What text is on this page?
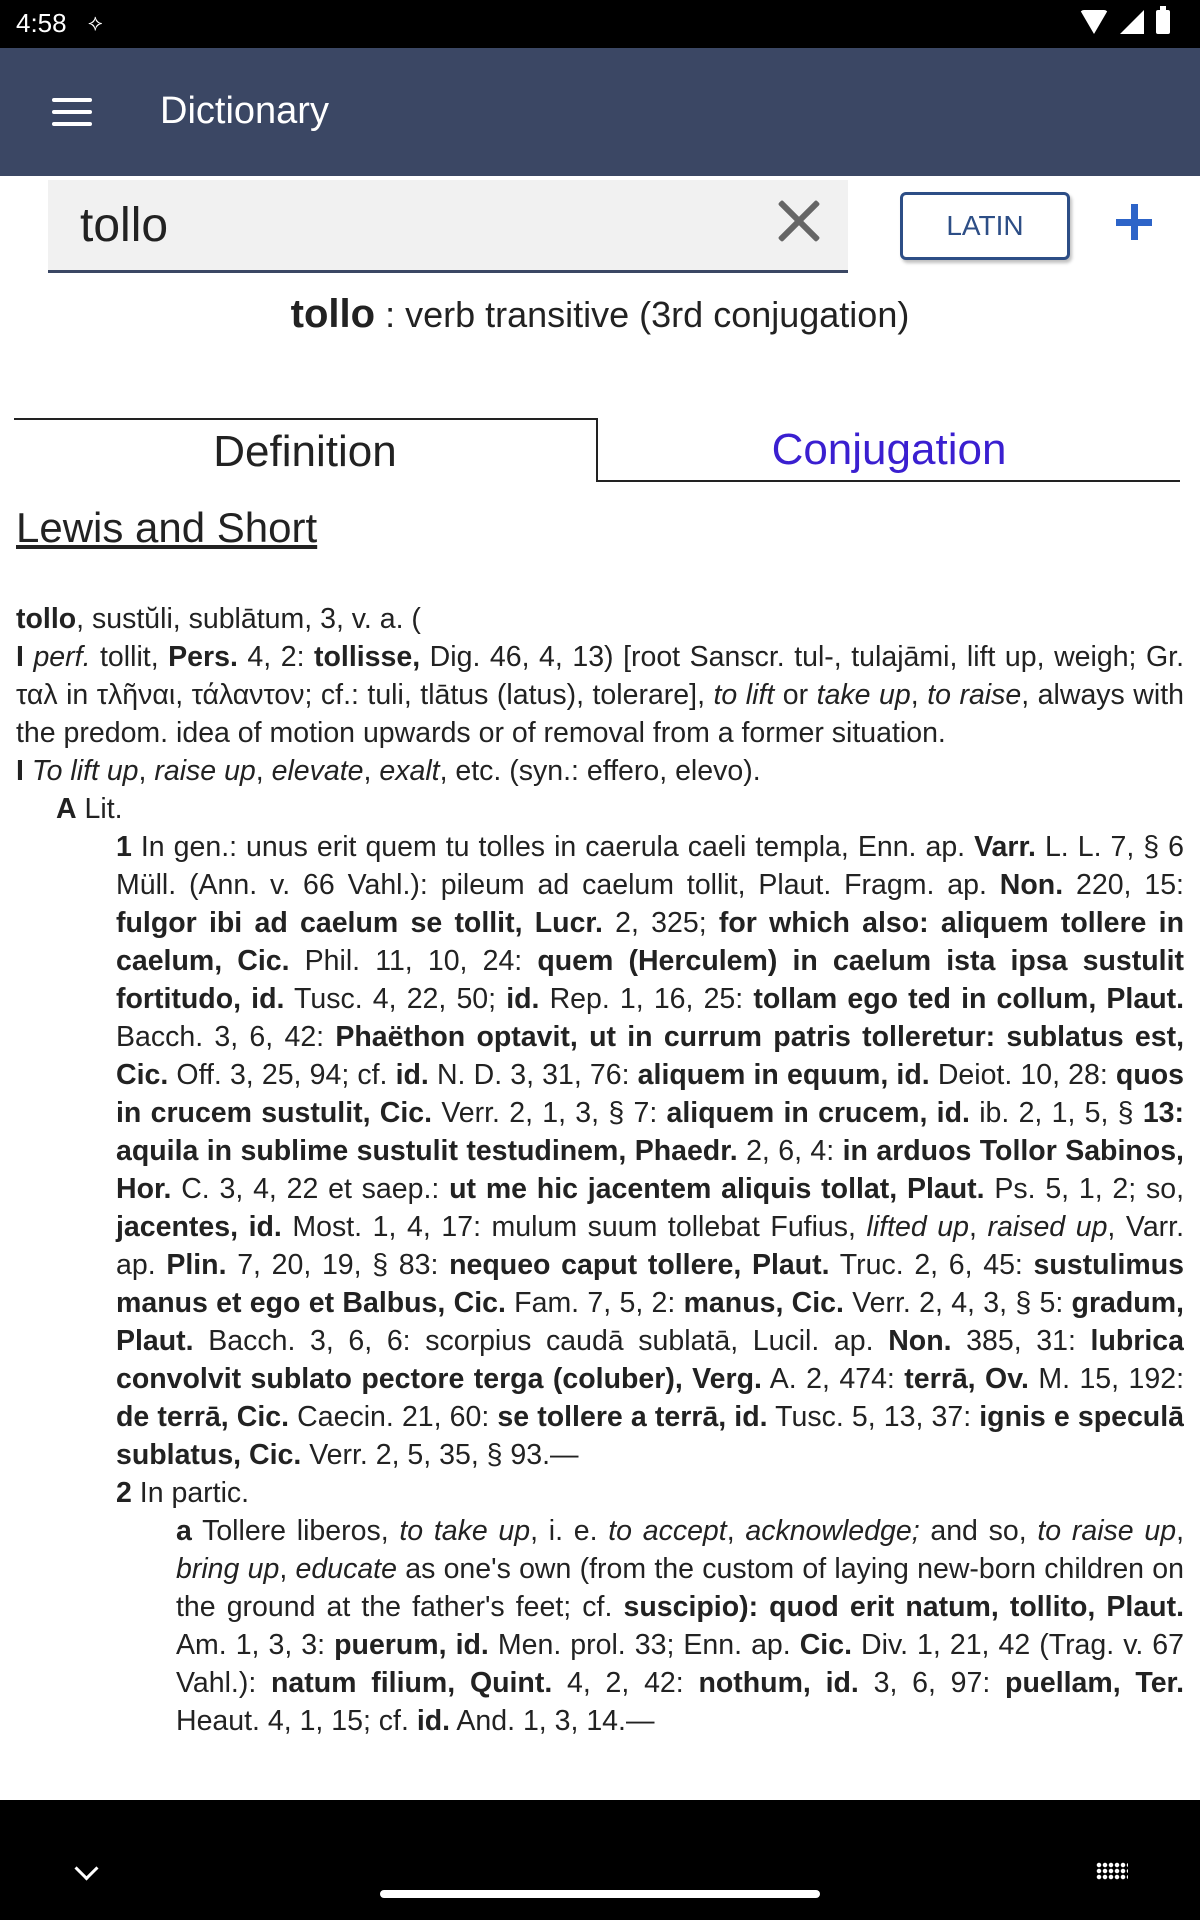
4:58 ⟡
Dictionary
tollo
LATIN
tollo : verb transitive (3rd conjugation)
Definition	Conjugation
Lewis and Short

tollo, sustŭli, sublātum, 3, v. a. (

I perf. tollit, Pers. 4, 2: tollisse, Dig. 46, 4, 13) [root Sanscr. tul-, tulajāmi, lift up, weigh; Gr. ταλ in τλῆναι, τάλαντον; cf.: tuli, tlātus (latus), tolerare], to lift or take up, to raise, always with the predom. idea of motion upwards or of removal from a former situation.

I To lift up, raise up, elevate, exalt, etc. (syn.: effero, elevo).

A Lit.

1 In gen.: unus erit quem tu tolles in caerula caeli templa, Enn. ap. Varr. L. L. 7, § 6 Müll. (Ann. v. 66 Vahl.): pileum ad caelum tollit, Plaut. Fragm. ap. Non. 220, 15: fulgor ibi ad caelum se tollit, Lucr. 2, 325; for which also: aliquem tollere in caelum, Cic. Phil. 11, 10, 24: quem (Herculem) in caelum ista ipsa sustulit fortitudo, id. Tusc. 4, 22, 50; id. Rep. 1, 16, 25: tollam ego ted in collum, Plaut. Bacch. 3, 6, 42: Phaëthon optavit, ut in currum patris tolleretur: sublatus est, Cic. Off. 3, 25, 94; cf. id. N. D. 3, 31, 76: aliquem in equum, id. Deiot. 10, 28: quos in crucem sustulit, Cic. Verr. 2, 1, 3, § 7: aliquem in crucem, id. ib. 2, 1, 5, § 13: aquila in sublime sustulit testudinem, Phaedr. 2, 6, 4: in arduos Tollor Sabinos, Hor. C. 3, 4, 22 et saep.: ut me hic jacentem aliquis tollat, Plaut. Ps. 5, 1, 2; so, jacentes, id. Most. 1, 4, 17: mulum suum tollebat Fufius, lifted up, raised up, Varr. ap. Plin. 7, 20, 19, § 83: nequeo caput tollere, Plaut. Truc. 2, 6, 45: sustulimus manus et ego et Balbus, Cic. Fam. 7, 5, 2: manus, Cic. Verr. 2, 4, 3, § 5: gradum, Plaut. Bacch. 3, 6, 6: scorpius caudā sublatā, Lucil. ap. Non. 385, 31: lubrica convolvit sublato pectore terga (coluber), Verg. A. 2, 474: terrā, Ov. M. 15, 192: de terrā, Cic. Caecin. 21, 60: se tollere a terrā, id. Tusc. 5, 13, 37: ignis e speculā sublatus, Cic. Verr. 2, 5, 35, § 93.—

2 In partic.

a Tollere liberos, to take up, i. e. to accept, acknowledge; and so, to raise up, bring up, educate as one's own (from the custom of laying new-born children on the ground at the father's feet; cf. suscipio): quod erit natum, tollito, Plaut. Am. 1, 3, 3: puerum, id. Men. prol. 33; Enn. ap. Cic. Div. 1, 21, 42 (Trag. v. 67 Vahl.): natum filium, Quint. 4, 2, 42: nothum, id. 3, 6, 97: puellam, Ter. Heaut. 4, 1, 15; cf. id. And. 1, 3, 14.—
